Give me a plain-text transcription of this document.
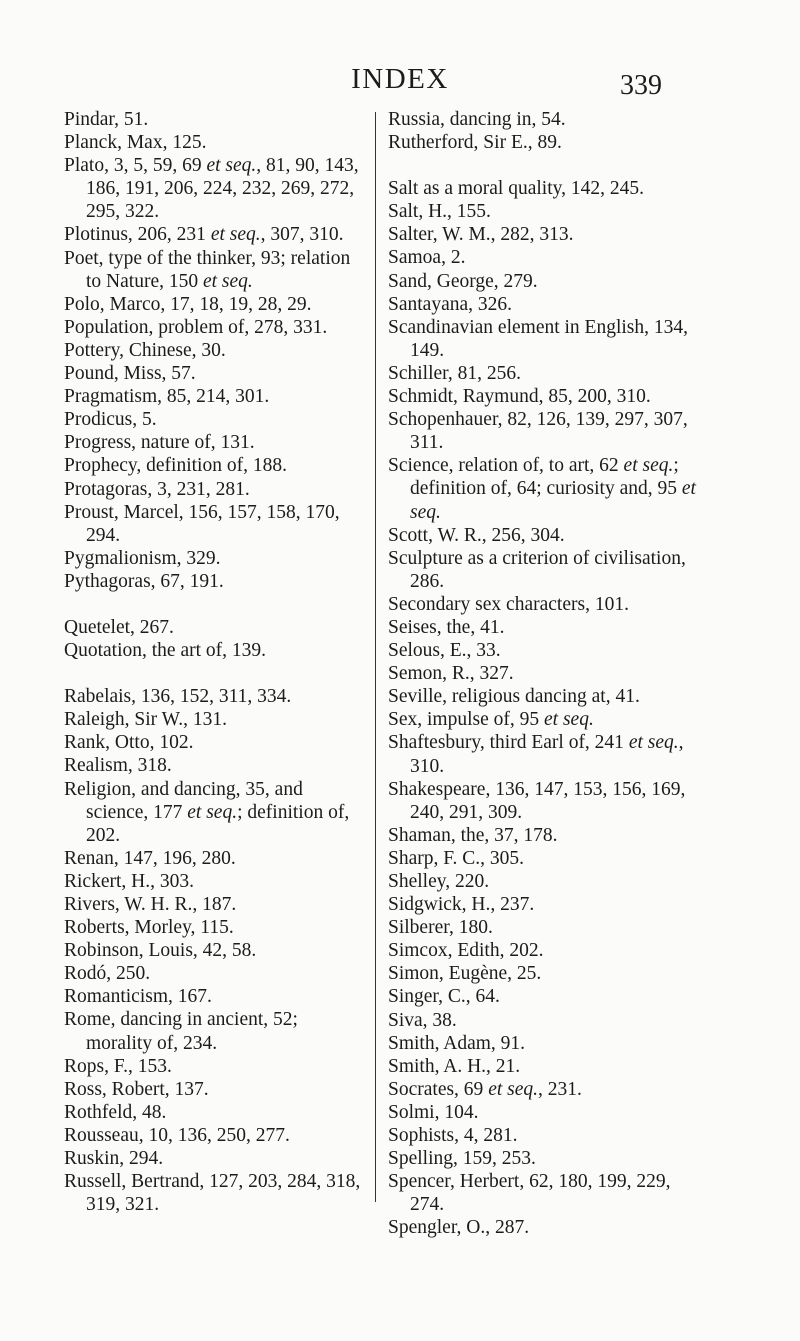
INDEX	339
Pindar, 51.
Planck, Max, 125.
Plato, 3, 5, 59, 69 et seq., 81, 90, 143, 186, 191, 206, 224, 232, 269, 272, 295, 322.
Plotinus, 206, 231 et seq., 307, 310.
Poet, type of the thinker, 93; relation to Nature, 150 et seq.
Polo, Marco, 17, 18, 19, 28, 29.
Population, problem of, 278, 331.
Pottery, Chinese, 30.
Pound, Miss, 57.
Pragmatism, 85, 214, 301.
Prodicus, 5.
Progress, nature of, 131.
Prophecy, definition of, 188.
Protagoras, 3, 231, 281.
Proust, Marcel, 156, 157, 158, 170, 294.
Pygmalionism, 329.
Pythagoras, 67, 191.
Quetelet, 267.
Quotation, the art of, 139.
Rabelais, 136, 152, 311, 334.
Raleigh, Sir W., 131.
Rank, Otto, 102.
Realism, 318.
Religion, and dancing, 35, and science, 177 et seq.; definition of, 202.
Renan, 147, 196, 280.
Rickert, H., 303.
Rivers, W. H. R., 187.
Roberts, Morley, 115.
Robinson, Louis, 42, 58.
Rodó, 250.
Romanticism, 167.
Rome, dancing in ancient, 52; morality of, 234.
Rops, F., 153.
Ross, Robert, 137.
Rothfeld, 48.
Rousseau, 10, 136, 250, 277.
Ruskin, 294.
Russell, Bertrand, 127, 203, 284, 318, 319, 321.
Russia, dancing in, 54.
Rutherford, Sir E., 89.
Salt as a moral quality, 142, 245.
Salt, H., 155.
Salter, W. M., 282, 313.
Samoa, 2.
Sand, George, 279.
Santayana, 326.
Scandinavian element in English, 134, 149.
Schiller, 81, 256.
Schmidt, Raymund, 85, 200, 310.
Schopenhauer, 82, 126, 139, 297, 307, 311.
Science, relation of, to art, 62 et seq.; definition of, 64; curiosity and, 95 et seq.
Scott, W. R., 256, 304.
Sculpture as a criterion of civilisation, 286.
Secondary sex characters, 101.
Seises, the, 41.
Selous, E., 33.
Semon, R., 327.
Seville, religious dancing at, 41.
Sex, impulse of, 95 et seq.
Shaftesbury, third Earl of, 241 et seq., 310.
Shakespeare, 136, 147, 153, 156, 169, 240, 291, 309.
Shaman, the, 37, 178.
Sharp, F. C., 305.
Shelley, 220.
Sidgwick, H., 237.
Silberer, 180.
Simcox, Edith, 202.
Simon, Eugène, 25.
Singer, C., 64.
Siva, 38.
Smith, Adam, 91.
Smith, A. H., 21.
Socrates, 69 et seq., 231.
Solmi, 104.
Sophists, 4, 281.
Spelling, 159, 253.
Spencer, Herbert, 62, 180, 199, 229, 274.
Spengler, O., 287.
